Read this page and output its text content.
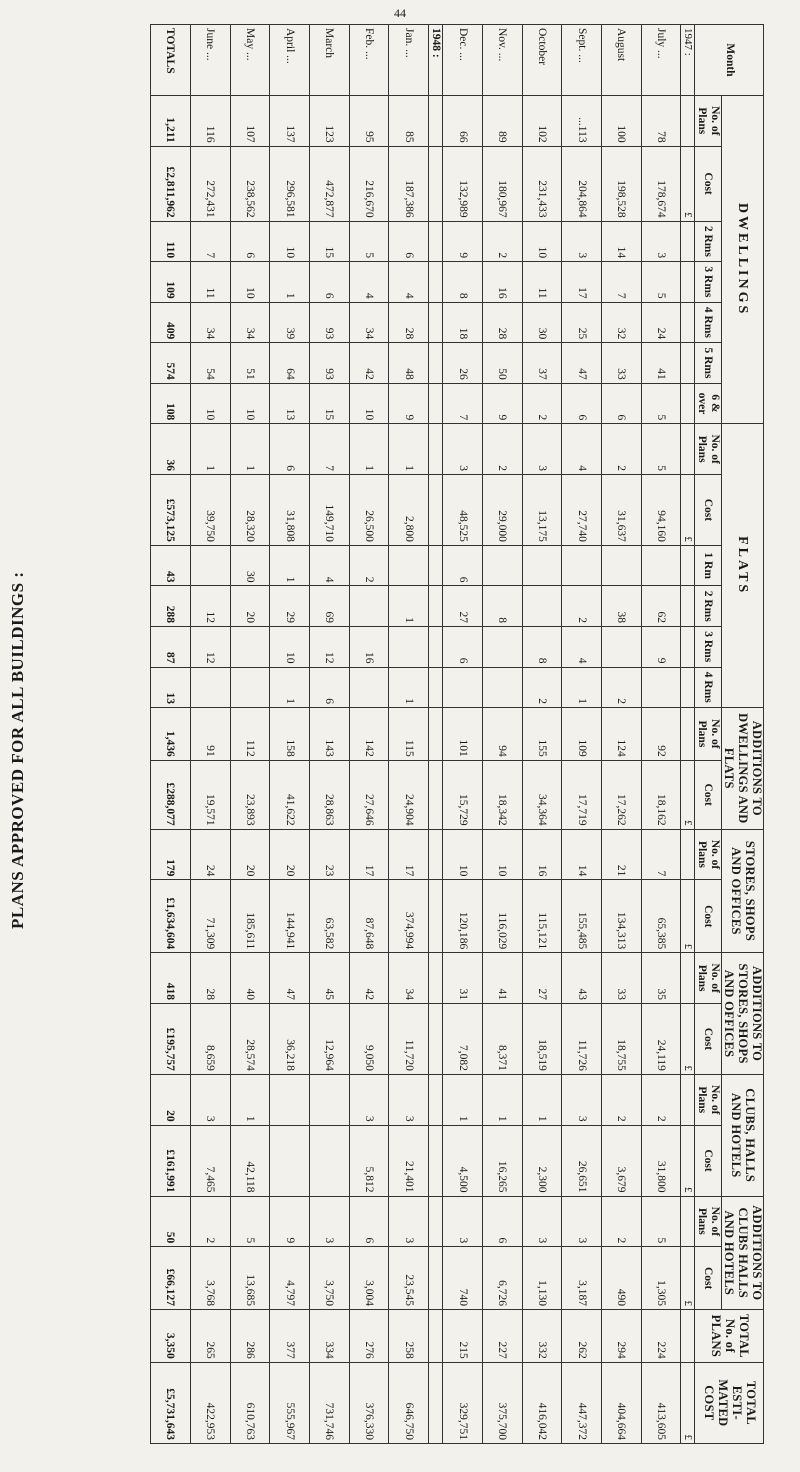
44
PLANS APPROVED FOR ALL BUILDINGS :
Month	DWELLINGS							FLATS						ADDITIONS TO DWELLINGS AND FLATS		STORES, SHOPS AND OFFICES		ADDITIONS TO STORES, SHOPS AND OFFICES		CLUBS, HALLS AND HOTELS		ADDITIONS TO CLUBS HALLS AND HOTELS		TOTAL No. of PLANS	TOTAL ESTI- MATED COST
	No. of Plans	Cost	2 Rms	3 Rms	4 Rms	5 Rms	6 & over	No. of Plans	Cost	1 Rm	2 Rms	3 Rms	4 Rms	No. of Plans	Cost	No. of Plans	Cost	No. of Plans	Cost	No. of Plans	Cost	No. of Plans	Cost		
1947 :		£							£						£		£		£		£		£		£
July ...	78	178,674	3	5	24	41	5	5	94,160		62	9		92	18,162	7	65,385	35	24,119	2	31,800	5	1,305	224	413,605
August	100	198,528	14	7	32	33	6	2	31,637		38		2	124	17,262	21	134,313	33	18,755	2	3,679	2	490	294	404,664
Sept. ...	...113	204,864	3	17	25	47	6	4	27,740		2	4	1	109	17,719	14	155,485	43	11,726	3	26,651	3	3,187	262	447,372
October	102	231,433	10	11	30	37	2	3	13,175			8	2	155	34,364	16	115,121	27	18,519	1	2,300	3	1,130	332	416,042
Nov. ...	89	180,967	2	16	28	50	9	2	29,000		8			94	18,342	10	116,029	41	8,371	1	16,265	6	6,726	227	375,700
Dec. ...	66	132,989	9	8	18	26	7	3	48,525	6	27	6		101	15,729	10	120,186	31	7,082	1	4,500	3	740	215	329,751
1948 :																									
Jan. ...	85	187,386	6	4	28	48	9	1	2,800		1		1	115	24,904	17	374,994	34	11,720	3	21,401	3	23,545	258	646,750
Feb. ...	95	216,670	5	4	34	42	10	1	26,500	2		16		142	27,646	17	87,648	42	9,050	3	5,812	6	3,004	276	376,330
March	123	472,877	15	6	93	93	15	7	149,710	4	69	12	6	143	28,863	23	63,582	45	12,964			3	3,750	334	731,746
April ...	137	296,581	10	1	39	64	13	6	31,808	1	29	10	1	158	41,622	20	144,941	47	36,218			9	4,797	377	555,967
May ...	107	238,562	6	10	34	51	10	1	28,320	30	20			112	23,893	20	185,611	40	28,574	1	42,118	5	13,685	286	610,763
June ...	116	272,431	7	11	34	54	10	1	39,750		12	12		91	19,571	24	71,309	28	8,659	3	7,465	2	3,768	265	422,953
TOTALS	1,211	£2,811,962	110	109	409	574	108	36	£573,125	43	288	87	13	1,436	£288,077	179	£1,634,604	418	£195,757	20	£161,991	50	£66,127	3,350	£5,731,643
